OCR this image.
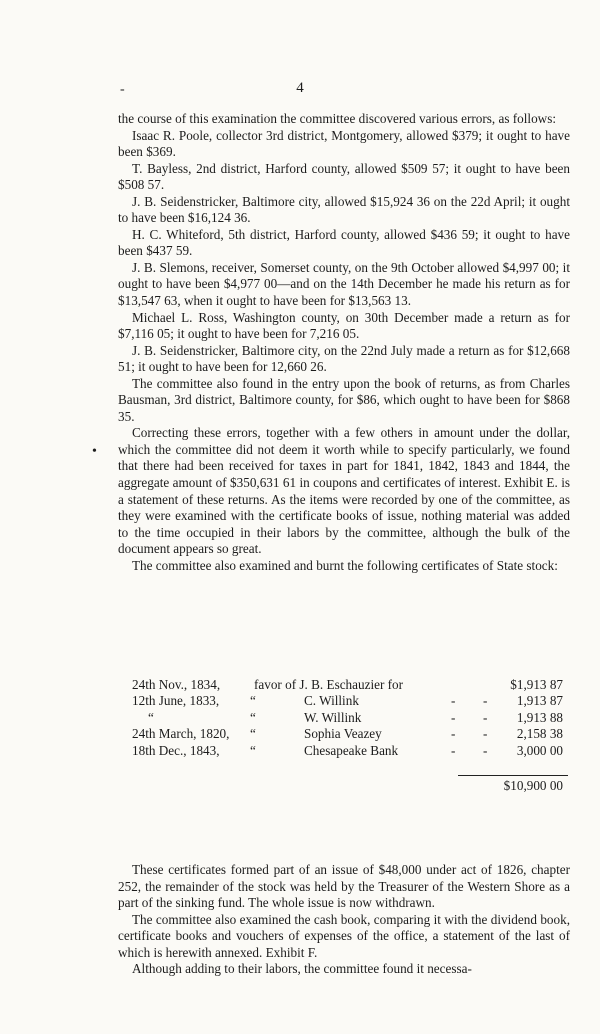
4
-
•

the course of this examination the committee discovered various errors, as follows:

Isaac R. Poole, collector 3rd district, Montgomery, allowed $379; it ought to have been $369.

T. Bayless, 2nd district, Harford county, allowed $509 57; it ought to have been $508 57.

J. B. Seidenstricker, Baltimore city, allowed $15,924 36 on the 22d April; it ought to have been $16,124 36.

H. C. Whiteford, 5th district, Harford county, allowed $436 59; it ought to have been $437 59.

J. B. Slemons, receiver, Somerset county, on the 9th October allowed $4,997 00; it ought to have been $4,977 00—and on the 14th December he made his return as for $13,547 63, when it ought to have been for $13,563 13.

Michael L. Ross, Washington county, on 30th December made a return as for $7,116 05; it ought to have been for 7,216 05.

J. B. Seidenstricker, Baltimore city, on the 22nd July made a return as for $12,668 51; it ought to have been for 12,660 26.

The committee also found in the entry upon the book of returns, as from Charles Bausman, 3rd district, Baltimore county, for $86, which ought to have been for $868 35.

Correcting these errors, together with a few others in amount under the dollar, which the committee did not deem it worth while to specify particularly, we found that there had been received for taxes in part for 1841, 1842, 1843 and 1844, the aggregate amount of $350,631 61 in coupons and certificates of interest. Exhibit E. is a statement of these returns. As the items were recorded by one of the committee, as they were examined with the certificate books of issue, nothing material was added to the time occupied in their labors by the committee, although the bulk of the document appears so great.

The committee also examined and burnt the following certificates of State stock:

24th Nov., 1834,	favor of J. B. Eschauzier for	$1,913 87
12th June, 1833, “	C. Willink	- - 1,913 87
“	“	W. Willink	- - 1,913 88
24th March, 1820, “	Sophia Veazey	- - 2,158 38
18th Dec., 1843, “	Chesapeake Bank	- - 3,000 00
$10,900 00

These certificates formed part of an issue of $48,000 under act of 1826, chapter 252, the remainder of the stock was held by the Treasurer of the Western Shore as a part of the sinking fund. The whole issue is now withdrawn.

The committee also examined the cash book, comparing it with the dividend book, certificate books and vouchers of expenses of the office, a statement of the last of which is herewith annexed. Exhibit F.

Although adding to their labors, the committee found it necessa-
